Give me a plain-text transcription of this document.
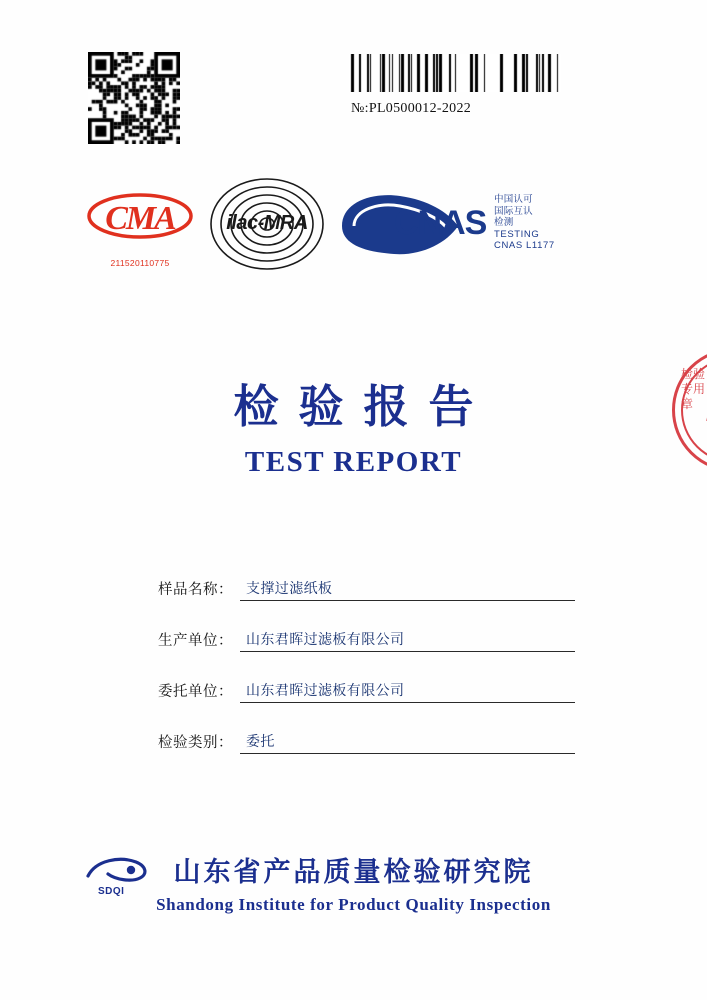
№:PL0500012-2022
CMA
211520110775
ilac-MRA	CNAS
中国认可
国际互认
检测
TESTING
CNAS L1177
检验报告
TEST REPORT
样品名称： 支撑过滤纸板
生产单位： 山东君晖过滤板有限公司
委托单位： 山东君晖过滤板有限公司
检验类别： 委托
SDQI
山东省产品质量检验研究院
Shandong Institute for Product Quality Inspection
检验专用章
